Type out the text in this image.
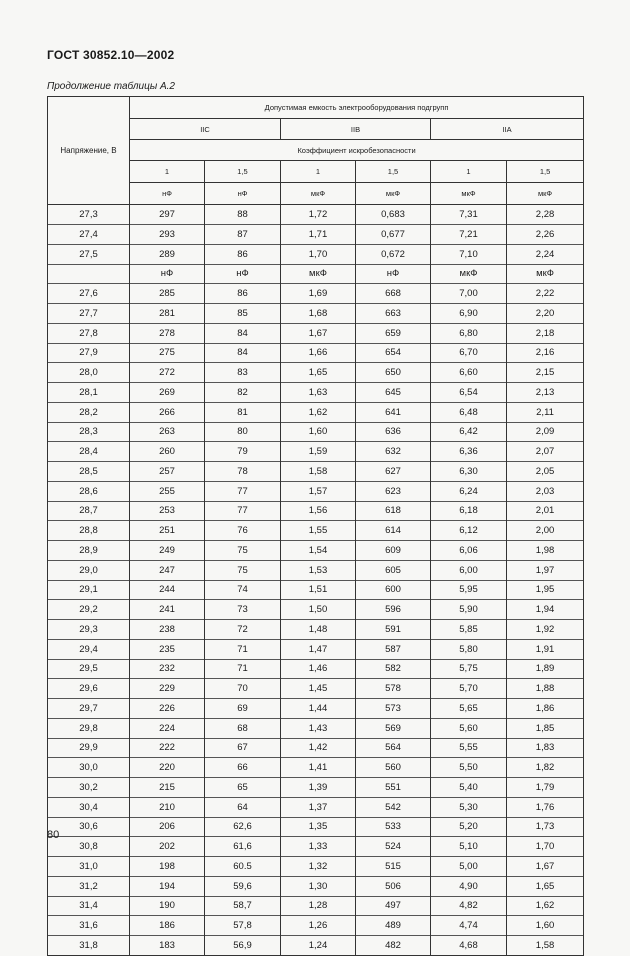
ГОСТ 30852.10—2002
Продолжение таблицы А.2
Напряжение, В	Допустимая емкость электрооборудования подгрупп					
	IIC		IIB		IIA	
	Коэффициент искробезопасности					
	1	1,5	1	1,5	1	1,5
	нФ	нФ	мкФ	мкФ	мкФ	мкФ
27,3	297	88	1,72	0,683	7,31	2,28
27,4	293	87	1,71	0,677	7,21	2,26
27,5	289	86	1,70	0,672	7,10	2,24
	нФ	нФ	мкФ	нФ	мкФ	мкФ
27,6	285	86	1,69	668	7,00	2,22
27,7	281	85	1,68	663	6,90	2,20
27,8	278	84	1,67	659	6,80	2,18
27,9	275	84	1,66	654	6,70	2,16
28,0	272	83	1,65	650	6,60	2,15
28,1	269	82	1,63	645	6,54	2,13
28,2	266	81	1,62	641	6,48	2,11
28,3	263	80	1,60	636	6,42	2,09
28,4	260	79	1,59	632	6,36	2,07
28,5	257	78	1,58	627	6,30	2,05
28,6	255	77	1,57	623	6,24	2,03
28,7	253	77	1,56	618	6,18	2,01
28,8	251	76	1,55	614	6,12	2,00
28,9	249	75	1,54	609	6,06	1,98
29,0	247	75	1,53	605	6,00	1,97
29,1	244	74	1,51	600	5,95	1,95
29,2	241	73	1,50	596	5,90	1,94
29,3	238	72	1,48	591	5,85	1,92
29,4	235	71	1,47	587	5,80	1,91
29,5	232	71	1,46	582	5,75	1,89
29,6	229	70	1,45	578	5,70	1,88
29,7	226	69	1,44	573	5,65	1,86
29,8	224	68	1,43	569	5,60	1,85
29,9	222	67	1,42	564	5,55	1,83
30,0	220	66	1,41	560	5,50	1,82
30,2	215	65	1,39	551	5,40	1,79
30,4	210	64	1,37	542	5,30	1,76
30,6	206	62,6	1,35	533	5,20	1,73
30,8	202	61,6	1,33	524	5,10	1,70
31,0	198	60.5	1,32	515	5,00	1,67
31,2	194	59,6	1,30	506	4,90	1,65
31,4	190	58,7	1,28	497	4,82	1,62
31,6	186	57,8	1,26	489	4,74	1,60
31,8	183	56,9	1,24	482	4,68	1,58
80
